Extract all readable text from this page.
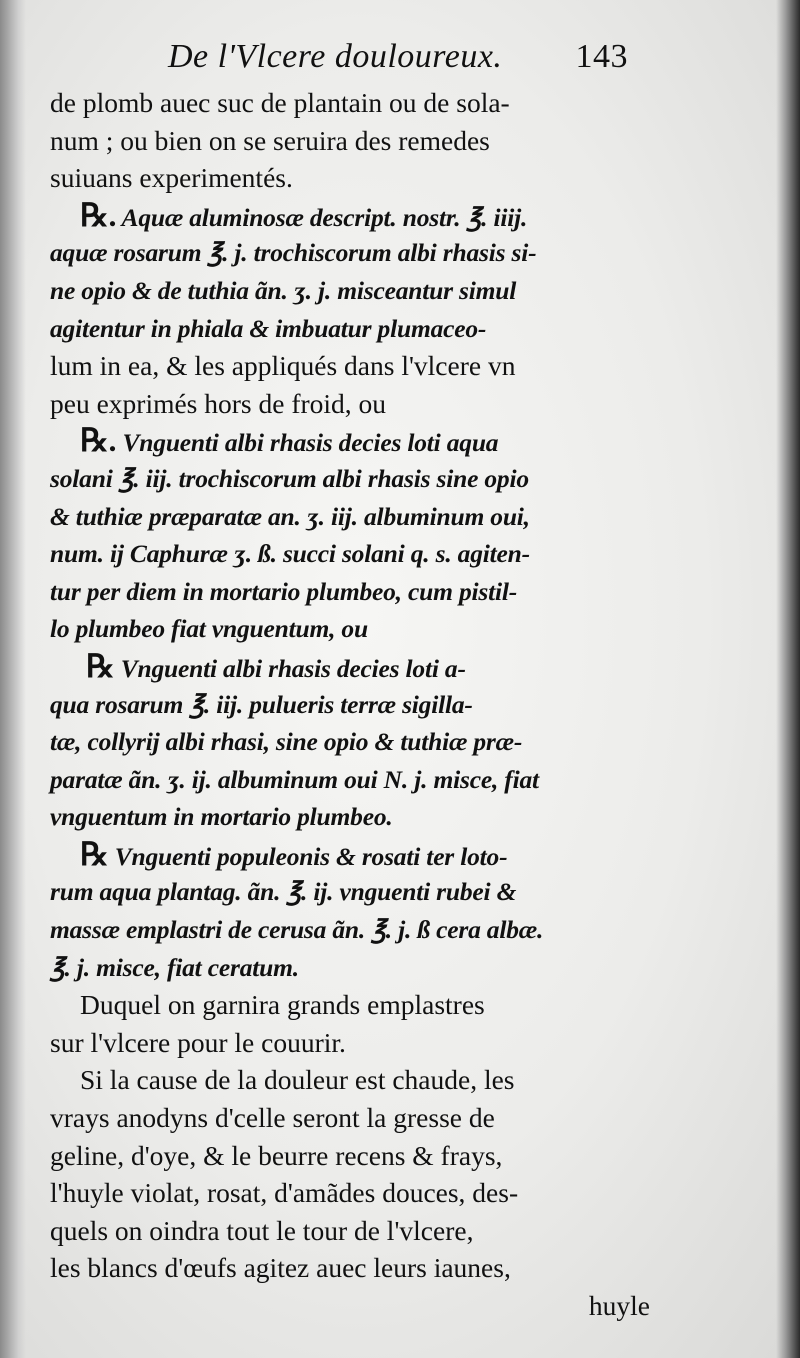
De l'Vlcere douloureux. 143
de plomb auec suc de plantain ou de sola-
num ; ou bien on se seruira des remedes
suiuans experimentés.
℞. Aquæ aluminosæ descript. nostr. ℥. iiij.
aquæ rosarum ℥. j. trochiscorum albi rhasis si-
ne opio & de tuthia ãn. ʒ. j. misceantur simul
agitentur in phiala & imbuatur plumaceo-
lum in ea, & les appliqués dans l'vlcere vn
peu exprimés hors de froid, ou
℞. Vnguenti albi rhasis decies loti aqua
solani ℥. iij. trochiscorum albi rhasis sine opio
& tuthiæ præparatæ an. ʒ. iij. albuminum oui,
num. ij Caphuræ ʒ. ß. succi solani q. s. agiten-
tur per diem in mortario plumbeo, cum pistil-
lo plumbeo fiat vnguentum, ou
℞ Vnguenti albi rhasis decies loti a-
qua rosarum ℥. iij. pulueris terræ sigilla-
tæ, collyrij albi rhasi, sine opio & tuthiæ præ-
paratæ ãn. ʒ. ij. albuminum oui N. j. misce, fiat
vnguentum in mortario plumbeo.
℞ Vnguenti populeonis & rosati ter loto-
rum aqua plantag. ãn. ℥. ij. vnguenti rubei &
massæ emplastri de cerusa ãn. ℥. j. ß cera albæ.
℥. j. misce, fiat ceratum.
Duquel on garnira grands emplastres
sur l'vlcere pour le couurir.
Si la cause de la douleur est chaude, les
vrays anodyns d'celle seront la gresse de
geline, d'oye, & le beurre recens & frays,
l'huyle violat, rosat, d'amãdes douces, des-
quels on oindra tout le tour de l'vlcere,
les blancs d'œufs agitez auec leurs iaunes,
huyle
